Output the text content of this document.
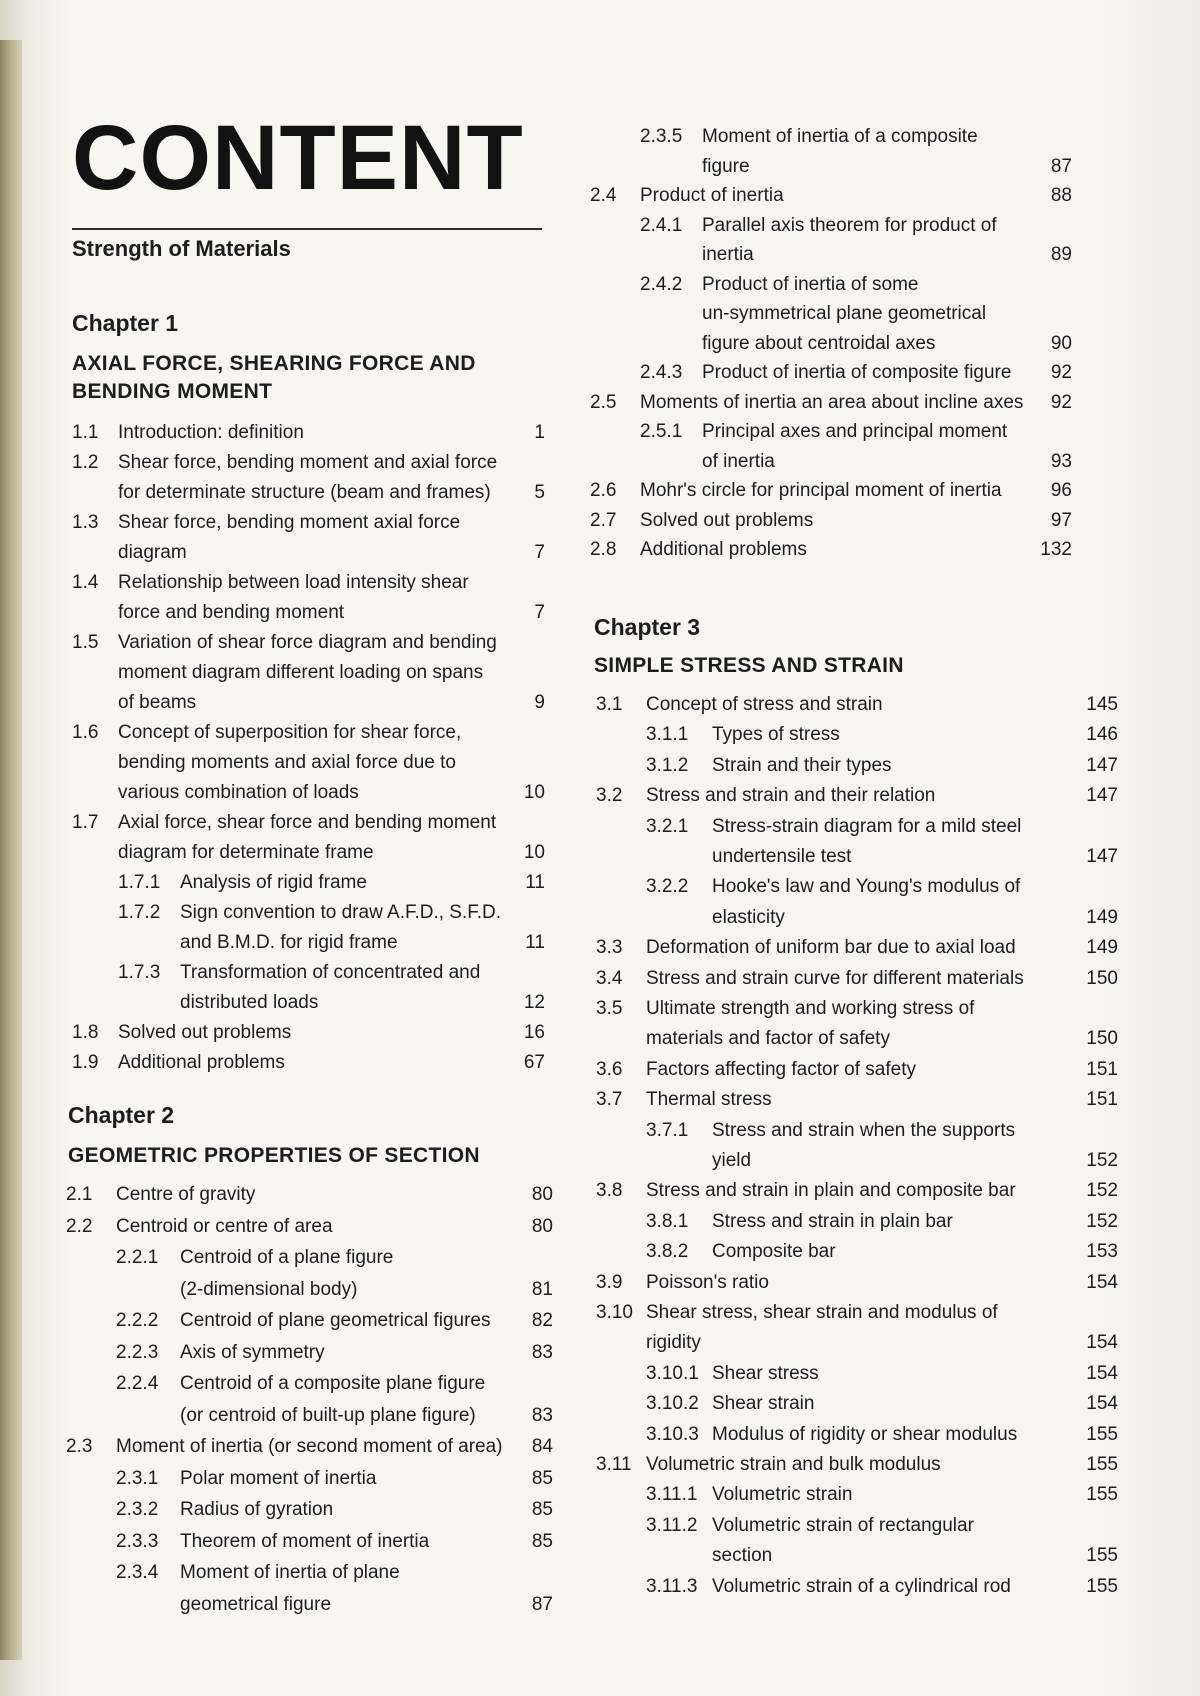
CONTENT
Strength of Materials
Chapter 1
AXIAL FORCE, SHEARING FORCE AND
BENDING MOMENT
1.1 Introduction: definition	1
1.2 Shear force, bending moment and axial force
for determinate structure (beam and frames)	5
1.3 Shear force, bending moment axial force
diagram	7
1.4 Relationship between load intensity shear
force and bending moment	7
1.5 Variation of shear force diagram and bending
moment diagram different loading on spans
of beams	9
1.6 Concept of superposition for shear force,
bending moments and axial force due to
various combination of loads	10
1.7 Axial force, shear force and bending moment
diagram for determinate frame	10
1.7.1 Analysis of rigid frame	11
1.7.2 Sign convention to draw A.F.D., S.F.D.
and B.M.D. for rigid frame	11
1.7.3 Transformation of concentrated and
distributed loads	12
1.8 Solved out problems	16
1.9 Additional problems	67
Chapter 2
GEOMETRIC PROPERTIES OF SECTION
2.1 Centre of gravity	80
2.2 Centroid or centre of area	80
2.2.1 Centroid of a plane figure
(2-dimensional body)	81
2.2.2 Centroid of plane geometrical figures	82
2.2.3 Axis of symmetry	83
2.2.4 Centroid of a composite plane figure
(or centroid of built-up plane figure)	83
2.3 Moment of inertia (or second moment of area)	84
2.3.1 Polar moment of inertia	85
2.3.2 Radius of gyration	85
2.3.3 Theorem of moment of inertia	85
2.3.4 Moment of inertia of plane
geometrical figure	87
2.3.5 Moment of inertia of a composite
figure	87
2.4 Product of inertia	88
2.4.1 Parallel axis theorem for product of
inertia	89
2.4.2 Product of inertia of some
un-symmetrical plane geometrical
figure about centroidal axes	90
2.4.3 Product of inertia of composite figure	92
2.5 Moments of inertia an area about incline axes	92
2.5.1 Principal axes and principal moment
of inertia	93
2.6 Mohr's circle for principal moment of inertia	96
2.7 Solved out problems	97
2.8 Additional problems	132
Chapter 3
SIMPLE STRESS AND STRAIN
3.1 Concept of stress and strain	145
3.1.1 Types of stress	146
3.1.2 Strain and their types	147
3.2 Stress and strain and their relation	147
3.2.1 Stress-strain diagram for a mild steel
undertensile test	147
3.2.2 Hooke's law and Young's modulus of
elasticity	149
3.3 Deformation of uniform bar due to axial load	149
3.4 Stress and strain curve for different materials	150
3.5 Ultimate strength and working stress of
materials and factor of safety	150
3.6 Factors affecting factor of safety	151
3.7 Thermal stress	151
3.7.1 Stress and strain when the supports
yield	152
3.8 Stress and strain in plain and composite bar	152
3.8.1 Stress and strain in plain bar	152
3.8.2 Composite bar	153
3.9 Poisson's ratio	154
3.10 Shear stress, shear strain and modulus of
rigidity	154
3.10.1 Shear stress	154
3.10.2 Shear strain	154
3.10.3 Modulus of rigidity or shear modulus	155
3.11 Volumetric strain and bulk modulus	155
3.11.1 Volumetric strain	155
3.11.2 Volumetric strain of rectangular
section	155
3.11.3 Volumetric strain of a cylindrical rod	155
